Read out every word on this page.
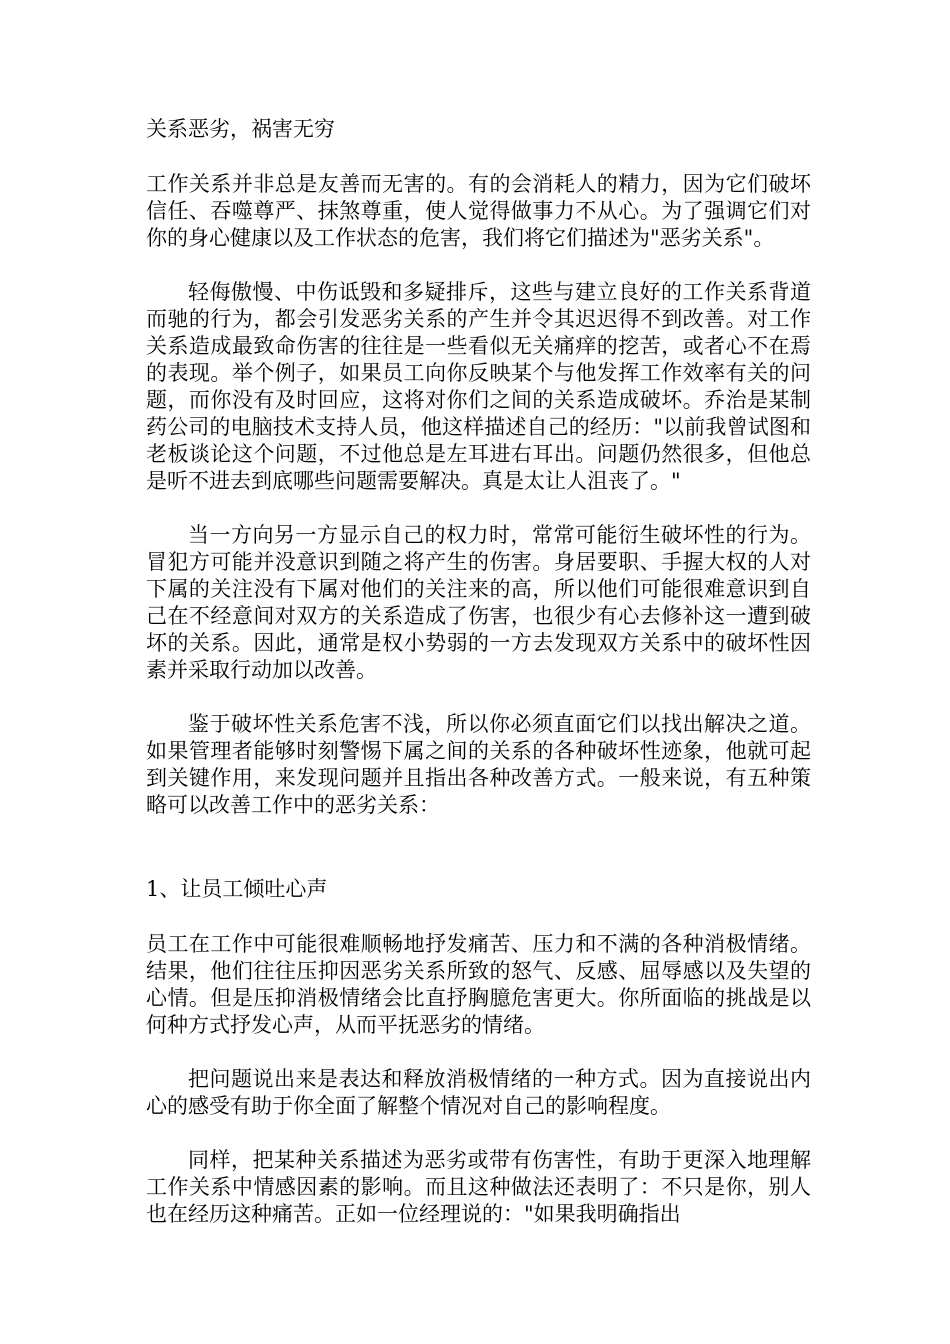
关系恶劣，祸害无穷

工作关系并非总是友善而无害的。有的会消耗人的精力，因为它们破坏信任、吞噬尊严、抹煞尊重，使人觉得做事力不从心。为了强调它们对你的身心健康以及工作状态的危害，我们将它们描述为"恶劣关系"。

轻侮傲慢、中伤诋毁和多疑排斥，这些与建立良好的工作关系背道而驰的行为，都会引发恶劣关系的产生并令其迟迟得不到改善。对工作关系造成最致命伤害的往往是一些看似无关痛痒的挖苦，或者心不在焉的表现。举个例子，如果员工向你反映某个与他发挥工作效率有关的问题，而你没有及时回应，这将对你们之间的关系造成破坏。乔治是某制药公司的电脑技术支持人员，他这样描述自己的经历："以前我曾试图和老板谈论这个问题，不过他总是左耳进右耳出。问题仍然很多，但他总是听不进去到底哪些问题需要解决。真是太让人沮丧了。"

当一方向另一方显示自己的权力时，常常可能衍生破坏性的行为。冒犯方可能并没意识到随之将产生的伤害。身居要职、手握大权的人对下属的关注没有下属对他们的关注来的高，所以他们可能很难意识到自己在不经意间对双方的关系造成了伤害，也很少有心去修补这一遭到破坏的关系。因此，通常是权小势弱的一方去发现双方关系中的破坏性因素并采取行动加以改善。

鉴于破坏性关系危害不浅，所以你必须直面它们以找出解决之道。如果管理者能够时刻警惕下属之间的关系的各种破坏性迹象，他就可起到关键作用，来发现问题并且指出各种改善方式。一般来说，有五种策略可以改善工作中的恶劣关系：

1、让员工倾吐心声

员工在工作中可能很难顺畅地抒发痛苦、压力和不满的各种消极情绪。结果，他们往往压抑因恶劣关系所致的怒气、反感、屈辱感以及失望的心情。但是压抑消极情绪会比直抒胸臆危害更大。你所面临的挑战是以何种方式抒发心声，从而平抚恶劣的情绪。

把问题说出来是表达和释放消极情绪的一种方式。因为直接说出内心的感受有助于你全面了解整个情况对自己的影响程度。

同样，把某种关系描述为恶劣或带有伤害性，有助于更深入地理解工作关系中情感因素的影响。而且这种做法还表明了：不只是你，别人也在经历这种痛苦。正如一位经理说的："如果我明确指出
